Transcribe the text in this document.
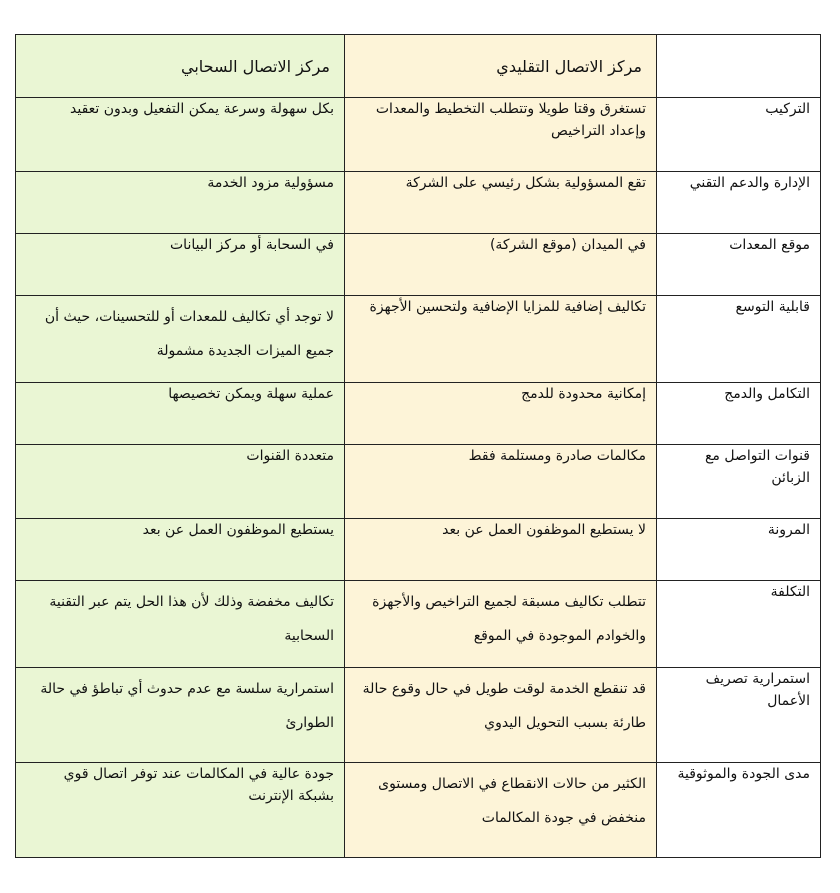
	مركز الاتصال التقليدي	مركز الاتصال السحابي
التركيب	تستغرق وقتا طويلا وتتطلب التخطيط والمعدات وإعداد التراخيص	بكل سهولة وسرعة يمكن التفعيل وبدون تعقيد
الإدارة والدعم التقني	تقع المسؤولية بشكل رئيسي على الشركة	مسؤولية مزود الخدمة
موقع المعدات	في الميدان (موقع الشركة)	في السحابة أو مركز البيانات
قابلية التوسع	تكاليف إضافية للمزايا الإضافية ولتحسين الأجهزة	لا توجد أي تكاليف للمعدات أو للتحسينات، حيث أن جميع الميزات الجديدة مشمولة
التكامل والدمج	إمكانية محدودة للدمج	عملية سهلة ويمكن تخصيصها
قنوات التواصل مع الزبائن	مكالمات صادرة ومستلمة فقط	متعددة القنوات
المرونة	لا يستطيع الموظفون العمل عن بعد	يستطيع الموظفون العمل عن بعد
التكلفة	تتطلب تكاليف مسبقة لجميع التراخيص والأجهزة والخوادم الموجودة في الموقع	تكاليف مخفضة وذلك لأن هذا الحل يتم عبر التقنية السحابية
استمرارية تصريف الأعمال	قد تنقطع الخدمة لوقت طويل في حال وقوع حالة طارئة بسبب التحويل اليدوي	استمرارية سلسة مع عدم حدوث أي تباطؤ في حالة الطوارئ
مدى الجودة والموثوقية	الكثير من حالات الانقطاع في الاتصال ومستوى منخفض في جودة المكالمات	جودة عالية في المكالمات عند توفر اتصال قوي بشبكة الإنترنت
